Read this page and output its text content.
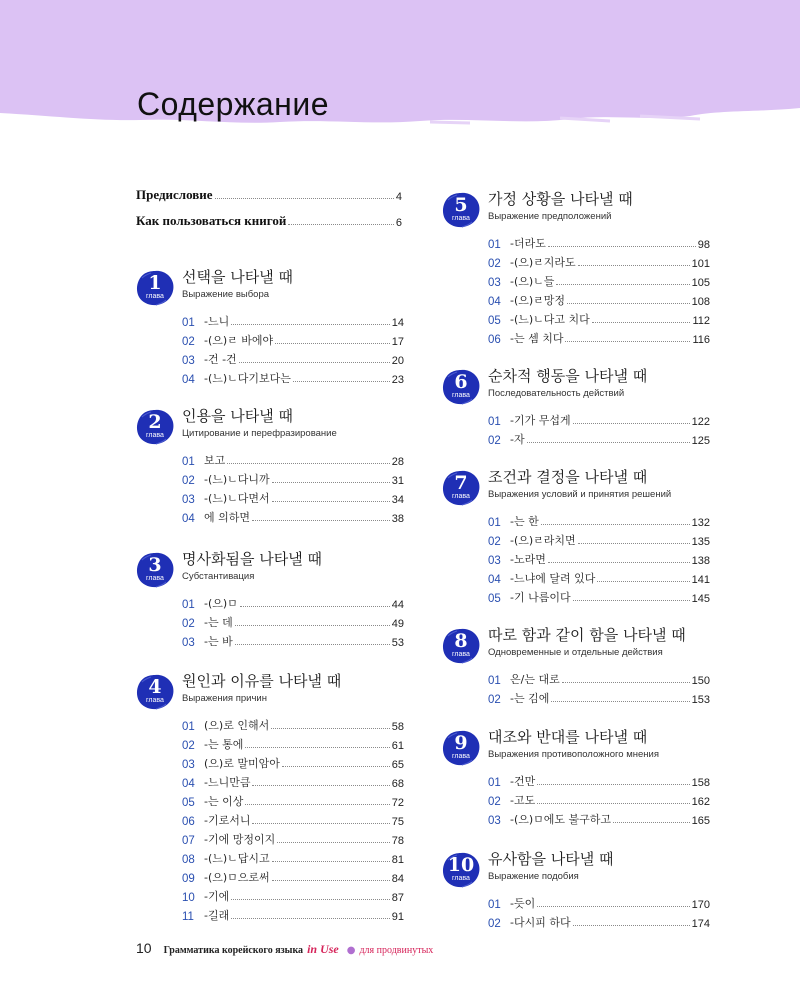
Содержание
Предисловие	4
Как пользоваться книгой	6
1
глава
선택을 나타낼 때
Выражение выбора
01 -느니	14
02 -(으)ㄹ 바에야	17
03 -건 -건	20
04 -(느)ㄴ다기보다는	23
2
глава
인용을 나타낼 때
Цитирование и перефразирование
01 보고	28
02 -(느)ㄴ다니까	31
03 -(느)ㄴ다면서	34
04 에 의하면	38
3
глава
명사화됨을 나타낼 때
Субстантивация
01 -(으)ㅁ	44
02 -는 데	49
03 -는 바	53
4
глава
원인과 이유를 나타낼 때
Выражения причин
01 (으)로 인해서	58
02 -는 통에	61
03 (으)로 말미암아	65
04 -느니만큼	68
05 -는 이상	72
06 -기로서니	75
07 -기에 망정이지	78
08 -(느)ㄴ답시고	81
09 -(으)ㅁ으로써	84
10 -기에	87
11 -길래	91
5
глава
가정 상황을 나타낼 때
Выражение предположений
01 -더라도	98
02 -(으)ㄹ지라도	101
03 -(으)ㄴ들	105
04 -(으)ㄹ망정	108
05 -(느)ㄴ다고 치다	112
06 -는 셈 치다	116
6
глава
순차적 행동을 나타낼 때
Последовательность действий
01 -기가 무섭게	122
02 -자	125
7
глава
조건과 결정을 나타낼 때
Выражения условий и принятия решений
01 -는 한	132
02 -(으)ㄹ라치면	135
03 -노라면	138
04 -느냐에 달려 있다	141
05 -기 나름이다	145
8
глава
따로 함과 같이 함을 나타낼 때
Одновременные и отдельные действия
01 은/는 대로	150
02 -는 김에	153
9
глава
대조와 반대를 나타낼 때
Выражения противоположного мнения
01 -건만	158
02 -고도	162
03 -(으)ㅁ에도 불구하고	165
10
глава
유사함을 나타낼 때
Выражение подобия
01 -듯이	170
02 -다시피 하다	174
10 Грамматика корейского языка in Use ● для продвинутых
